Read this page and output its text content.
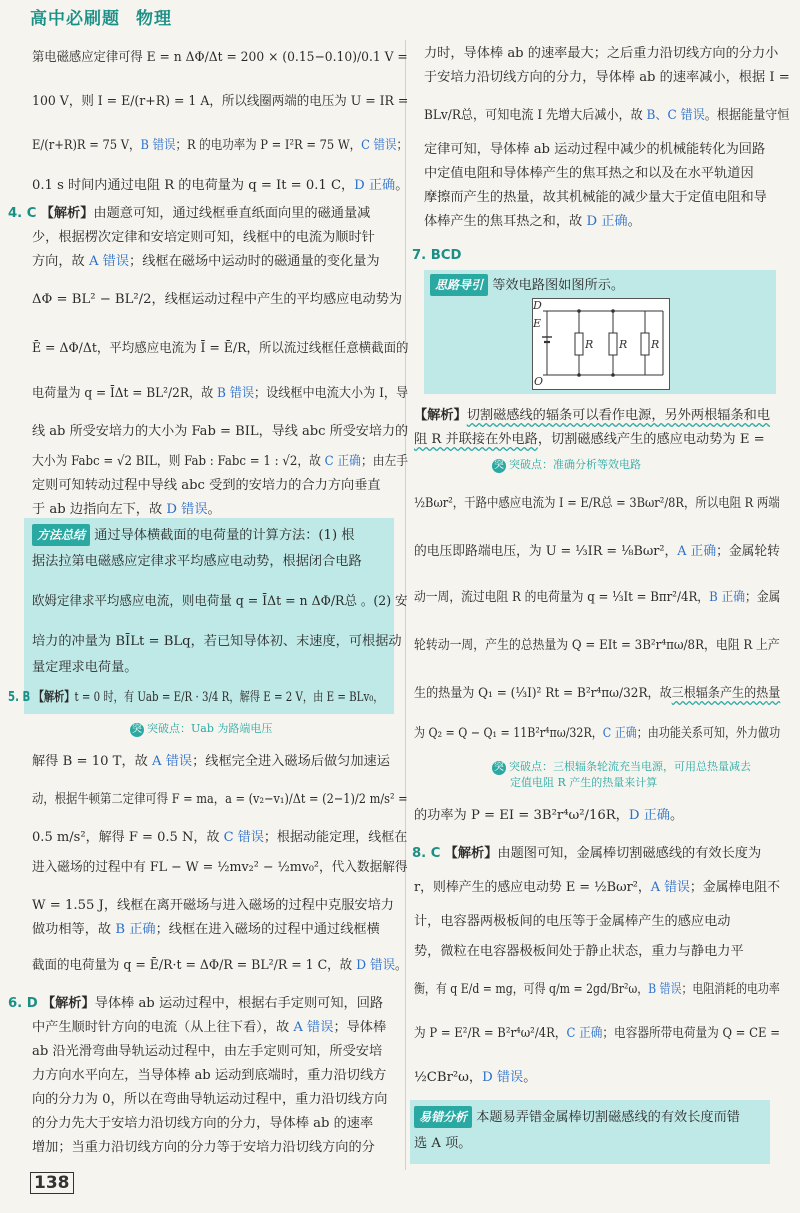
高中必刷题 物理
第电磁感应定律可得 E = n ΔΦ/Δt = 200 × (0.15−0.10)/0.1 V =
100 V，则 I = E/(r+R) = 1 A，所以线圈两端的电压为 U = IR =
E/(r+R)R = 75 V，B 错误；R 的电功率为 P = I²R = 75 W，C 错误；
0.1 s 时间内通过电阻 R 的电荷量为 q = It = 0.1 C，D 正确。
4. C 【解析】由题意可知，通过线框垂直纸面向里的磁通量减
少，根据楞次定律和安培定则可知，线框中的电流为顺时针
方向，故 A 错误；线框在磁场中运动时的磁通量的变化量为
ΔΦ = BL² − BL²/2，线框运动过程中产生的平均感应电动势为
Ē = ΔΦ/Δt，平均感应电流为 Ī = Ē/R，所以流过线框任意横截面的
电荷量为 q = ĪΔt = BL²/2R，故 B 错误；设线框中电流大小为 I，导
线 ab 所受安培力的大小为 Fab = BIL，导线 abc 所受安培力的
大小为 Fabc = √2 BIL，则 Fab : Fabc = 1 : √2，故 C 正确；由左手
定则可知转动过程中导线 abc 受到的安培力的合力方向垂直
于 ab 边指向左下，故 D 错误。
方法总结 通过导体横截面的电荷量的计算方法：(1) 根
据法拉第电磁感应定律求平均感应电动势，根据闭合电路
欧姆定律求平均感应电流，则电荷量 q = ĪΔt = n ΔΦ/R总 。(2) 安
培力的冲量为 BĪLt = BLq，若已知导体初、末速度，可根据动
量定理求电荷量。
5. B 【解析】t = 0 时，有 Uab = E/R · 3/4 R，解得 E = 2 V，由 E = BLv₀，
突 突破点：Uab 为路端电压
解得 B = 10 T，故 A 错误；线框完全进入磁场后做匀加速运
动，根据牛顿第二定律可得 F = ma，a = (v₂−v₁)/Δt = (2−1)/2 m/s² =
0.5 m/s²，解得 F = 0.5 N，故 C 错误；根据动能定理，线框在
进入磁场的过程中有 FL − W = ½mv₂² − ½mv₀²，代入数据解得
W = 1.55 J，线框在离开磁场与进入磁场的过程中克服安培力
做功相等，故 B 正确；线框在进入磁场的过程中通过线框横
截面的电荷量为 q = Ē/R·t = ΔΦ/R = BL²/R = 1 C，故 D 错误。
6. D 【解析】导体棒 ab 运动过程中，根据右手定则可知，回路
中产生顺时针方向的电流（从上往下看），故 A 错误；导体棒
ab 沿光滑弯曲导轨运动过程中，由左手定则可知，所受安培
力方向水平向左，当导体棒 ab 运动到底端时，重力沿切线方
向的分力为 0，所以在弯曲导轨运动过程中，重力沿切线方向
的分力先大于安培力沿切线方向的分力，导体棒 ab 的速率
增加；当重力沿切线方向的分力等于安培力沿切线方向的分
力时，导体棒 ab 的速率最大；之后重力沿切线方向的分力小
于安培力沿切线方向的分力，导体棒 ab 的速率减小，根据 I =
BLv/R总，可知电流 I 先增大后减小，故 B、C 错误。根据能量守恒
定律可知，导体棒 ab 运动过程中减少的机械能转化为回路
中定值电阻和导体棒产生的焦耳热之和以及在水平轨道因
摩擦而产生的热量，故其机械能的减少量大于定值电阻和导
体棒产生的焦耳热之和，故 D 正确。
7. BCD
思路导引 等效电路图如图所示。
D
E
O
R R R
【解析】切割磁感线的辐条可以看作电源，另外两根辐条和电
阻 R 并联接在外电路，切割磁感线产生的感应电动势为 E =
突 突破点：准确分析等效电路
½Bωr²，干路中感应电流为 I = E/R总 = 3Bωr²/8R，所以电阻 R 两端
的电压即路端电压，为 U = ⅓IR = ⅛Bωr²，A 正确；金属轮转
动一周，流过电阻 R 的电荷量为 q = ⅓It = Bπr²/4R，B 正确；金属
轮转动一周，产生的总热量为 Q = EIt = 3B²r⁴πω/8R，电阻 R 上产
生的热量为 Q₁ = (⅓I)² Rt = B²r⁴πω/32R，故三根辐条产生的热量
为 Q₂ = Q − Q₁ = 11B²r⁴πω/32R，C 正确；由功能关系可知，外力做功
突 突破点：三根辐条轮流充当电源，可用总热量减去
定值电阻 R 产生的热量来计算
的功率为 P = EI = 3B²r⁴ω²/16R，D 正确。
8. C 【解析】由题图可知，金属棒切割磁感线的有效长度为
r，则棒产生的感应电动势 E = ½Bωr²，A 错误；金属棒电阻不
计，电容器两极板间的电压等于金属棒产生的感应电动
势，微粒在电容器极板间处于静止状态，重力与静电力平
衡，有 q E/d = mg，可得 q/m = 2gd/Br²ω，B 错误；电阻消耗的电功率
为 P = E²/R = B²r⁴ω²/4R，C 正确；电容器所带电荷量为 Q = CE =
½CBr²ω，D 错误。
易错分析 本题易弄错金属棒切割磁感线的有效长度而错
选 A 项。
138
